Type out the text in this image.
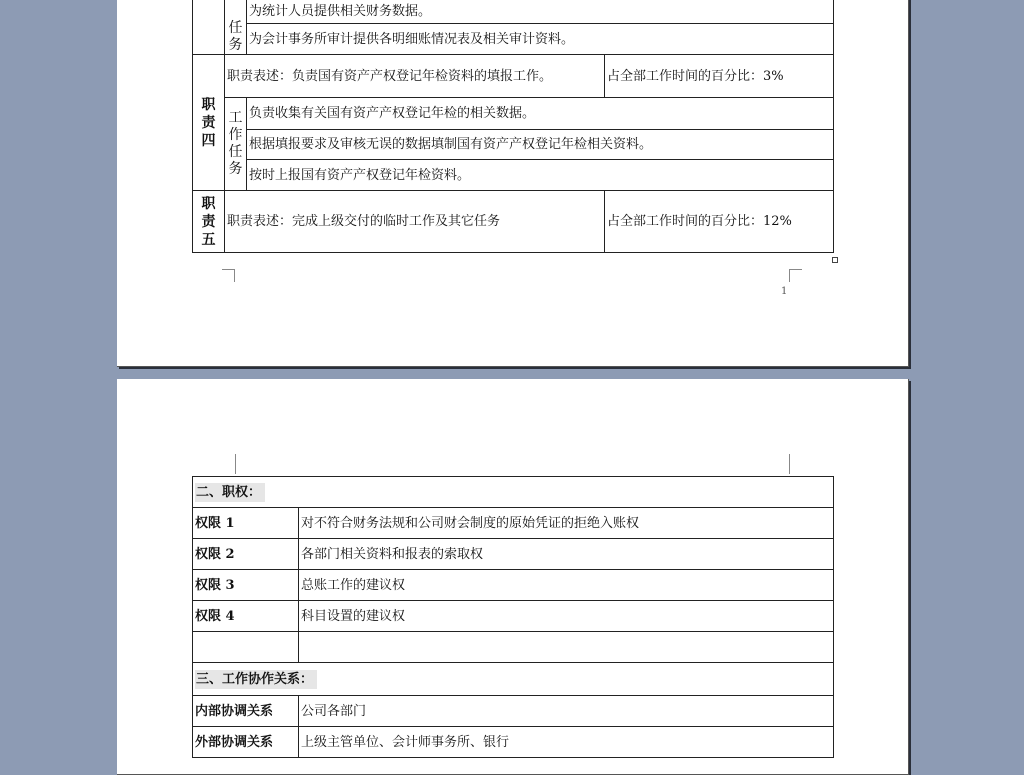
	任务	为统计人员提供相关财务数据。	
		为会计事务所审计提供各明细账情况表及相关审计资料。	

职责四	职责表述：负责国有资产产权登记年检资料的填报工作。		占全部工作时间的百分比：3%

	工作任务	负责收集有关国有资产产权登记年检的相关数据。	
		根据填报要求及审核无误的数据填制国有资产产权登记年检相关资料。	
		按时上报国有资产产权登记年检资料。	

职责五	职责表述：完成上级交付的临时工作及其它任务		占全部工作时间的百分比：12%
1
二、职权：	
权限 1	对不符合财务法规和公司财会制度的原始凭证的拒绝入账权
权限 2	各部门相关资料和报表的索取权
权限 3	总账工作的建议权
权限 4	科目设置的建议权

三、工作协作关系：	
内部协调关系	公司各部门
外部协调关系	上级主管单位、会计师事务所、银行
